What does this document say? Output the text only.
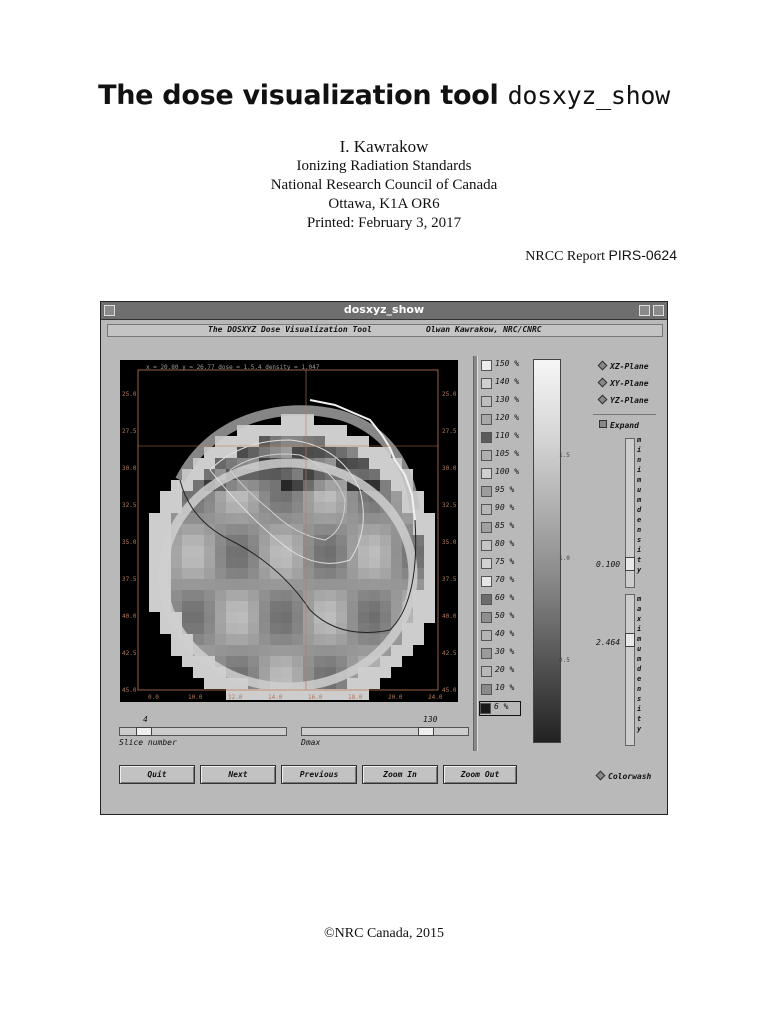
The dose visualization tool dosxyz_show
I. Kawrakow
Ionizing Radiation Standards
National Research Council of Canada
Ottawa, K1A OR6
Printed: February 3, 2017
NRCC Report PIRS-0624
dosxyz_show
The DOSXYZ Dose Visualization Tool	Olwan Kawrakow, NRC/CNRC
25.0	25.0
27.5	27.5
30.0	30.0
32.5	32.5
35.0	35.0
37.5	37.5
40.0	40.0
42.5	42.5
45.0	45.0
0.0	10.0	12.0	14.0	16.0	18.0	20.0	24.0
x = 20.80 y = 26.77 dose = 1.5.4 density = 1.047	150 %
140 %
130 %
120 %
110 %
105 %
100 %
95 %
90 %
85 %
80 %
75 %
70 %
60 %
50 %
40 %
30 %
20 %
10 %
6 %
1.5
1.0
0.5
XZ-Plane
XY-Plane
YZ-Plane
Expand
minimum density
0.100
maximum density
2.464
4
Slice number
130
Dmax
Quit	Next	Previous	Zoom In	Zoom Out	Colorwash
©NRC Canada, 2015
